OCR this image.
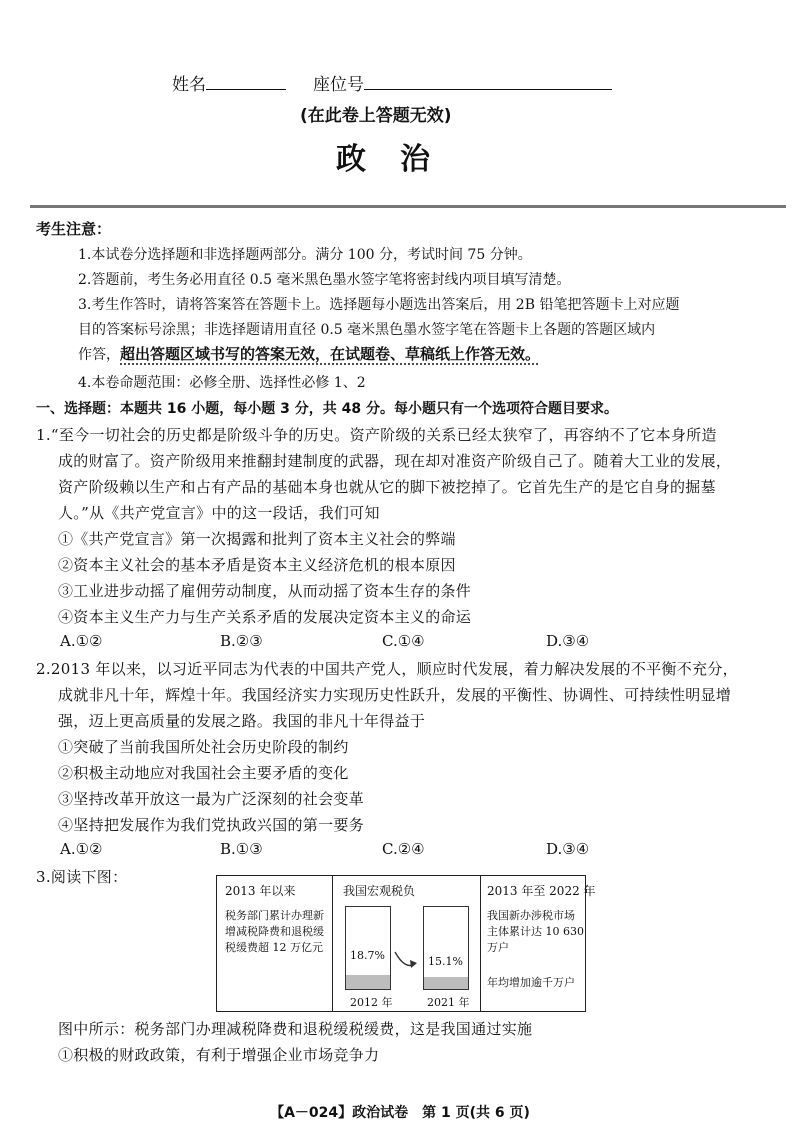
姓名	座位号
(在此卷上答题无效)
政　治
考生注意：
1.本试卷分选择题和非选择题两部分。满分 100 分，考试时间 75 分钟。
2.答题前，考生务必用直径 0.5 毫米黑色墨水签字笔将密封线内项目填写清楚。
3.考生作答时，请将答案答在答题卡上。选择题每小题选出答案后，用 2B 铅笔把答题卡上对应题
目的答案标号涂黑；非选择题请用直径 0.5 毫米黑色墨水签字笔在答题卡上各题的答题区域内
作答，超出答题区域书写的答案无效，在试题卷、草稿纸上作答无效。
4.本卷命题范围：必修全册、选择性必修 1、2
一、选择题：本题共 16 小题，每小题 3 分，共 48 分。每小题只有一个选项符合题目要求。
1.“至今一切社会的历史都是阶级斗争的历史。资产阶级的关系已经太狭窄了，再容纳不了它本身所造
成的财富了。资产阶级用来推翻封建制度的武器，现在却对准资产阶级自己了。随着大工业的发展，
资产阶级赖以生产和占有产品的基础本身也就从它的脚下被挖掉了。它首先生产的是它自身的掘墓
人。”从《共产党宣言》中的这一段话，我们可知
①《共产党宣言》第一次揭露和批判了资本主义社会的弊端
②资本主义社会的基本矛盾是资本主义经济危机的根本原因
③工业进步动摇了雇佣劳动制度，从而动摇了资本生存的条件
④资本主义生产力与生产关系矛盾的发展决定资本主义的命运
A.①②	B.②③	C.①④	D.③④
2.2013 年以来，以习近平同志为代表的中国共产党人，顺应时代发展，着力解决发展的不平衡不充分，
成就非凡十年，辉煌十年。我国经济实力实现历史性跃升，发展的平衡性、协调性、可持续性明显增
强，迈上更高质量的发展之路。我国的非凡十年得益于
①突破了当前我国所处社会历史阶段的制约
②积极主动地应对我国社会主要矛盾的变化
③坚持改革开放这一最为广泛深刻的社会变革
④坚持把发展作为我们党执政兴国的第一要务
A.①②	B.①③	C.②④	D.③④
3.阅读下图：
2013 年以来
税务部门累计办理新
增减税降费和退税缓
税缓费超 12 万亿元
我国宏观税负
18.7%
2012 年
15.1%
2021 年
2013 年至 2022 年
我国新办涉税市场
主体累计达 10 630
万户
年均增加逾千万户
图中所示：税务部门办理减税降费和退税缓税缓费，这是我国通过实施
①积极的财政政策，有利于增强企业市场竞争力
【A－024】政治试卷　第 1 页(共 6 页)
